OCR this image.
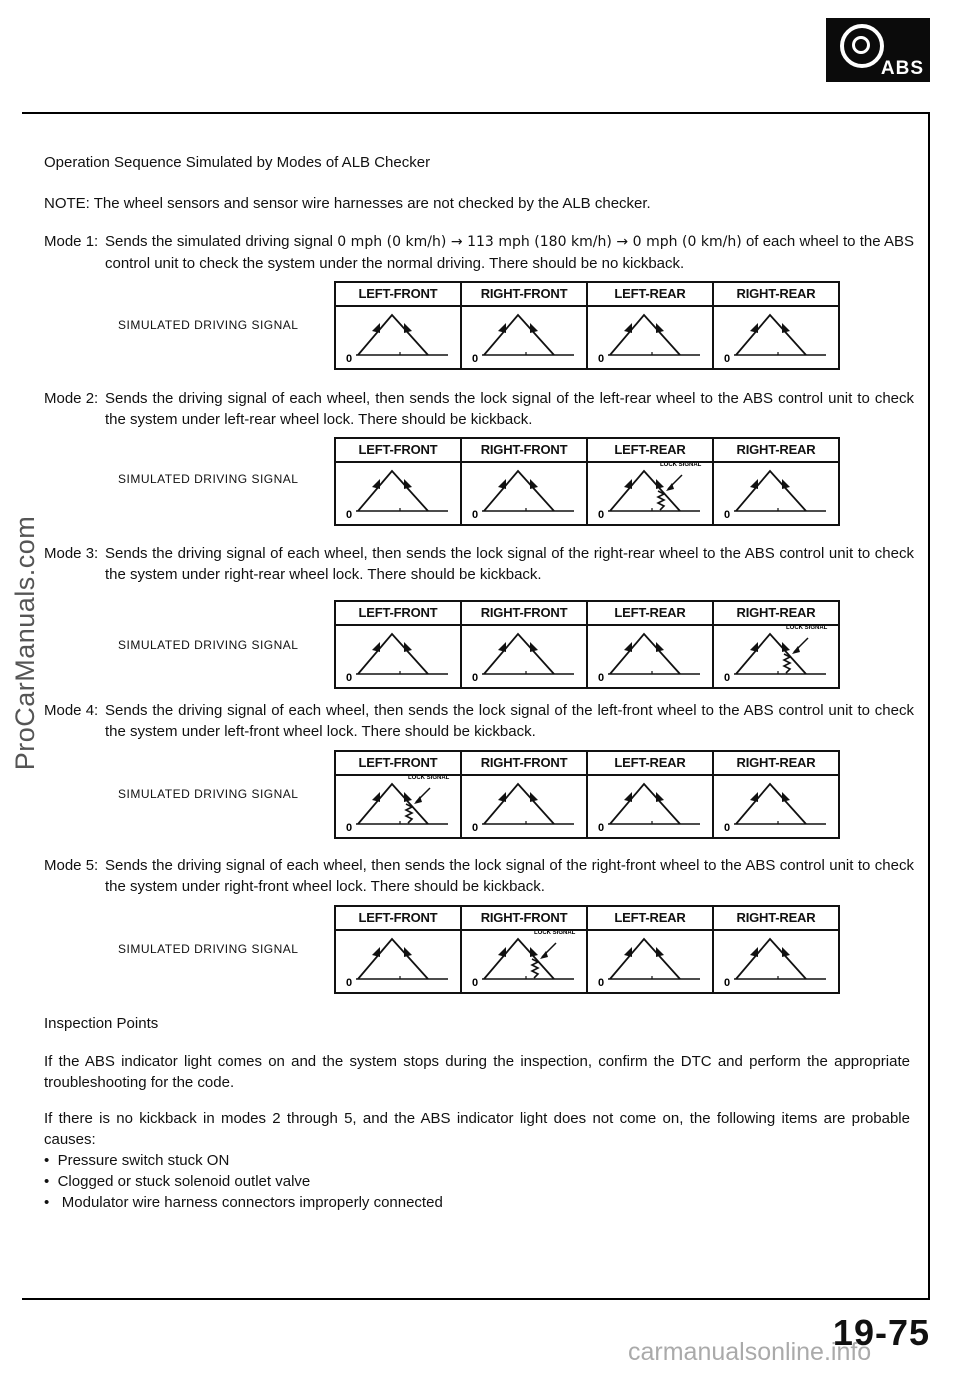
ABS
ProCarManuals.com
Operation Sequence Simulated by Modes of ALB Checker
NOTE: The wheel sensors and sensor wire harnesses are not checked by the ALB checker.
Mode 1: Sends the simulated driving signal 0 mph (0 km/h) → 113 mph (180 km/h) → 0 mph (0 km/h) of each wheel to the ABS control unit to check the system under the normal driving. There should be no kickback.
SIMULATED DRIVING SIGNAL
LEFT-FRONT
0
RIGHT-FRONT
0
LEFT-REAR
0
RIGHT-REAR
0
Mode 2: Sends the driving signal of each wheel, then sends the lock signal of the left-rear wheel to the ABS control unit to check the system under left-rear wheel lock. There should be kickback.
SIMULATED DRIVING SIGNAL
LEFT-FRONT
0
RIGHT-FRONT
0
LEFT-REAR
0
LOCK SIGNAL
RIGHT-REAR
0
Mode 3: Sends the driving signal of each wheel, then sends the lock signal of the right-rear wheel to the ABS control unit to check the system under right-rear wheel lock. There should be kickback.
SIMULATED DRIVING SIGNAL
LEFT-FRONT
0
RIGHT-FRONT
0
LEFT-REAR
0
RIGHT-REAR
0
LOCK SIGNAL
Mode 4: Sends the driving signal of each wheel, then sends the lock signal of the left-front wheel to the ABS control unit to check the system under left-front wheel lock. There should be kickback.
SIMULATED DRIVING SIGNAL
LEFT-FRONT
0
LOCK SIGNAL
RIGHT-FRONT
0
LEFT-REAR
0
RIGHT-REAR
0
Mode 5: Sends the driving signal of each wheel, then sends the lock signal of the right-front wheel to the ABS control unit to check the system under right-front wheel lock. There should be kickback.
SIMULATED DRIVING SIGNAL
LEFT-FRONT
0
RIGHT-FRONT
0
LOCK SIGNAL
LEFT-REAR
0
RIGHT-REAR
0
Inspection Points
If the ABS indicator light comes on and the system stops during the inspection, confirm the DTC and perform the appropriate troubleshooting for the code.
If there is no kickback in modes 2 through 5, and the ABS indicator light does not come on, the following items are probable causes:
•  Pressure switch stuck ON
•  Clogged or stuck solenoid outlet valve
•   Modulator wire harness connectors improperly connected
19-75
carmanualsonline.info
